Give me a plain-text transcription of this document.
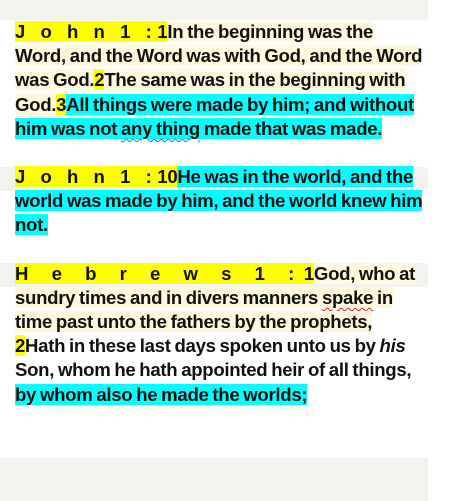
J o h n 1 :1In the beginning was the Word, and the Word was with God, and the Word was God.2The same was in the beginning with God.3All things were made by him; and without him was not any thing made that was made.

J o h n 1 :10He was in the world, and the world was made by him, and the world knew him not.

H e b r e w s 1 :1God, who at sundry times and in divers manners spake in time past unto the fathers by the prophets,
2Hath in these last days spoken unto us by his Son, whom he hath appointed heir of all things, by whom also he made the worlds;
